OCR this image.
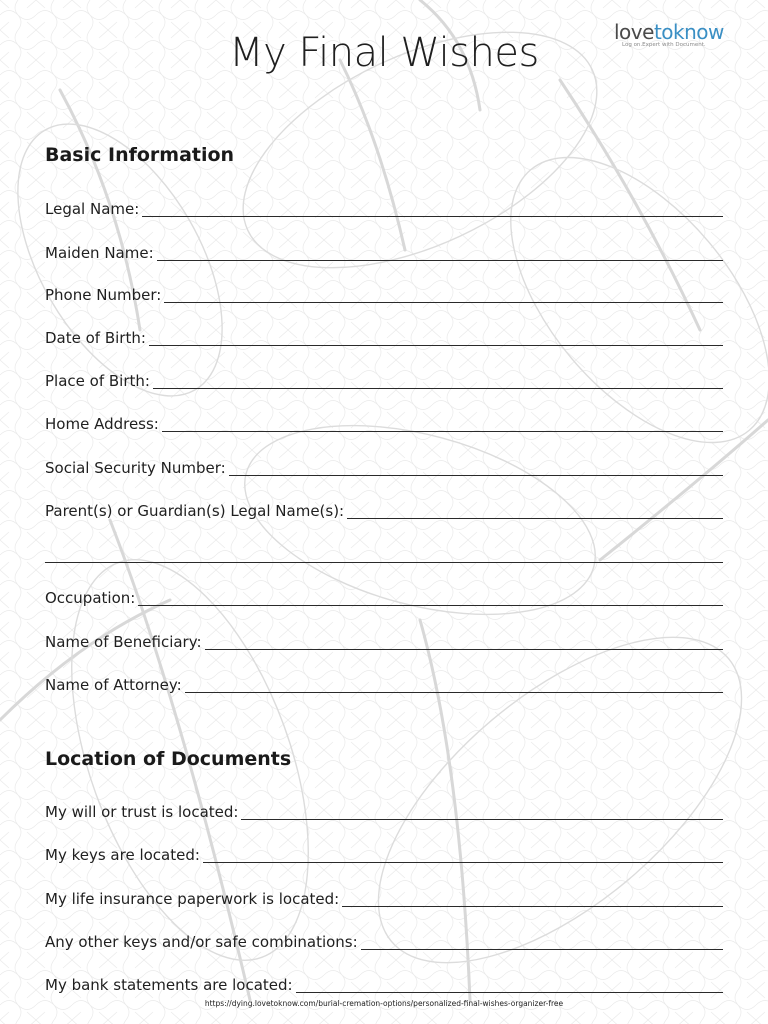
lovetoknow
Log on.Expert with Document.
My Final Wishes
Basic Information
Legal Name:
Maiden Name:
Phone Number:
Date of Birth:
Place of Birth:
Home Address:
Social Security Number:
Parent(s) or Guardian(s) Legal Name(s):
Occupation:
Name of Beneficiary:
Name of Attorney:
Location of Documents
My will or trust is located:
My keys are located:
My life insurance paperwork is located:
Any other keys and/or safe combinations:
My bank statements are located:
https://dying.lovetoknow.com/burial-cremation-options/personalized-final-wishes-organizer-free
